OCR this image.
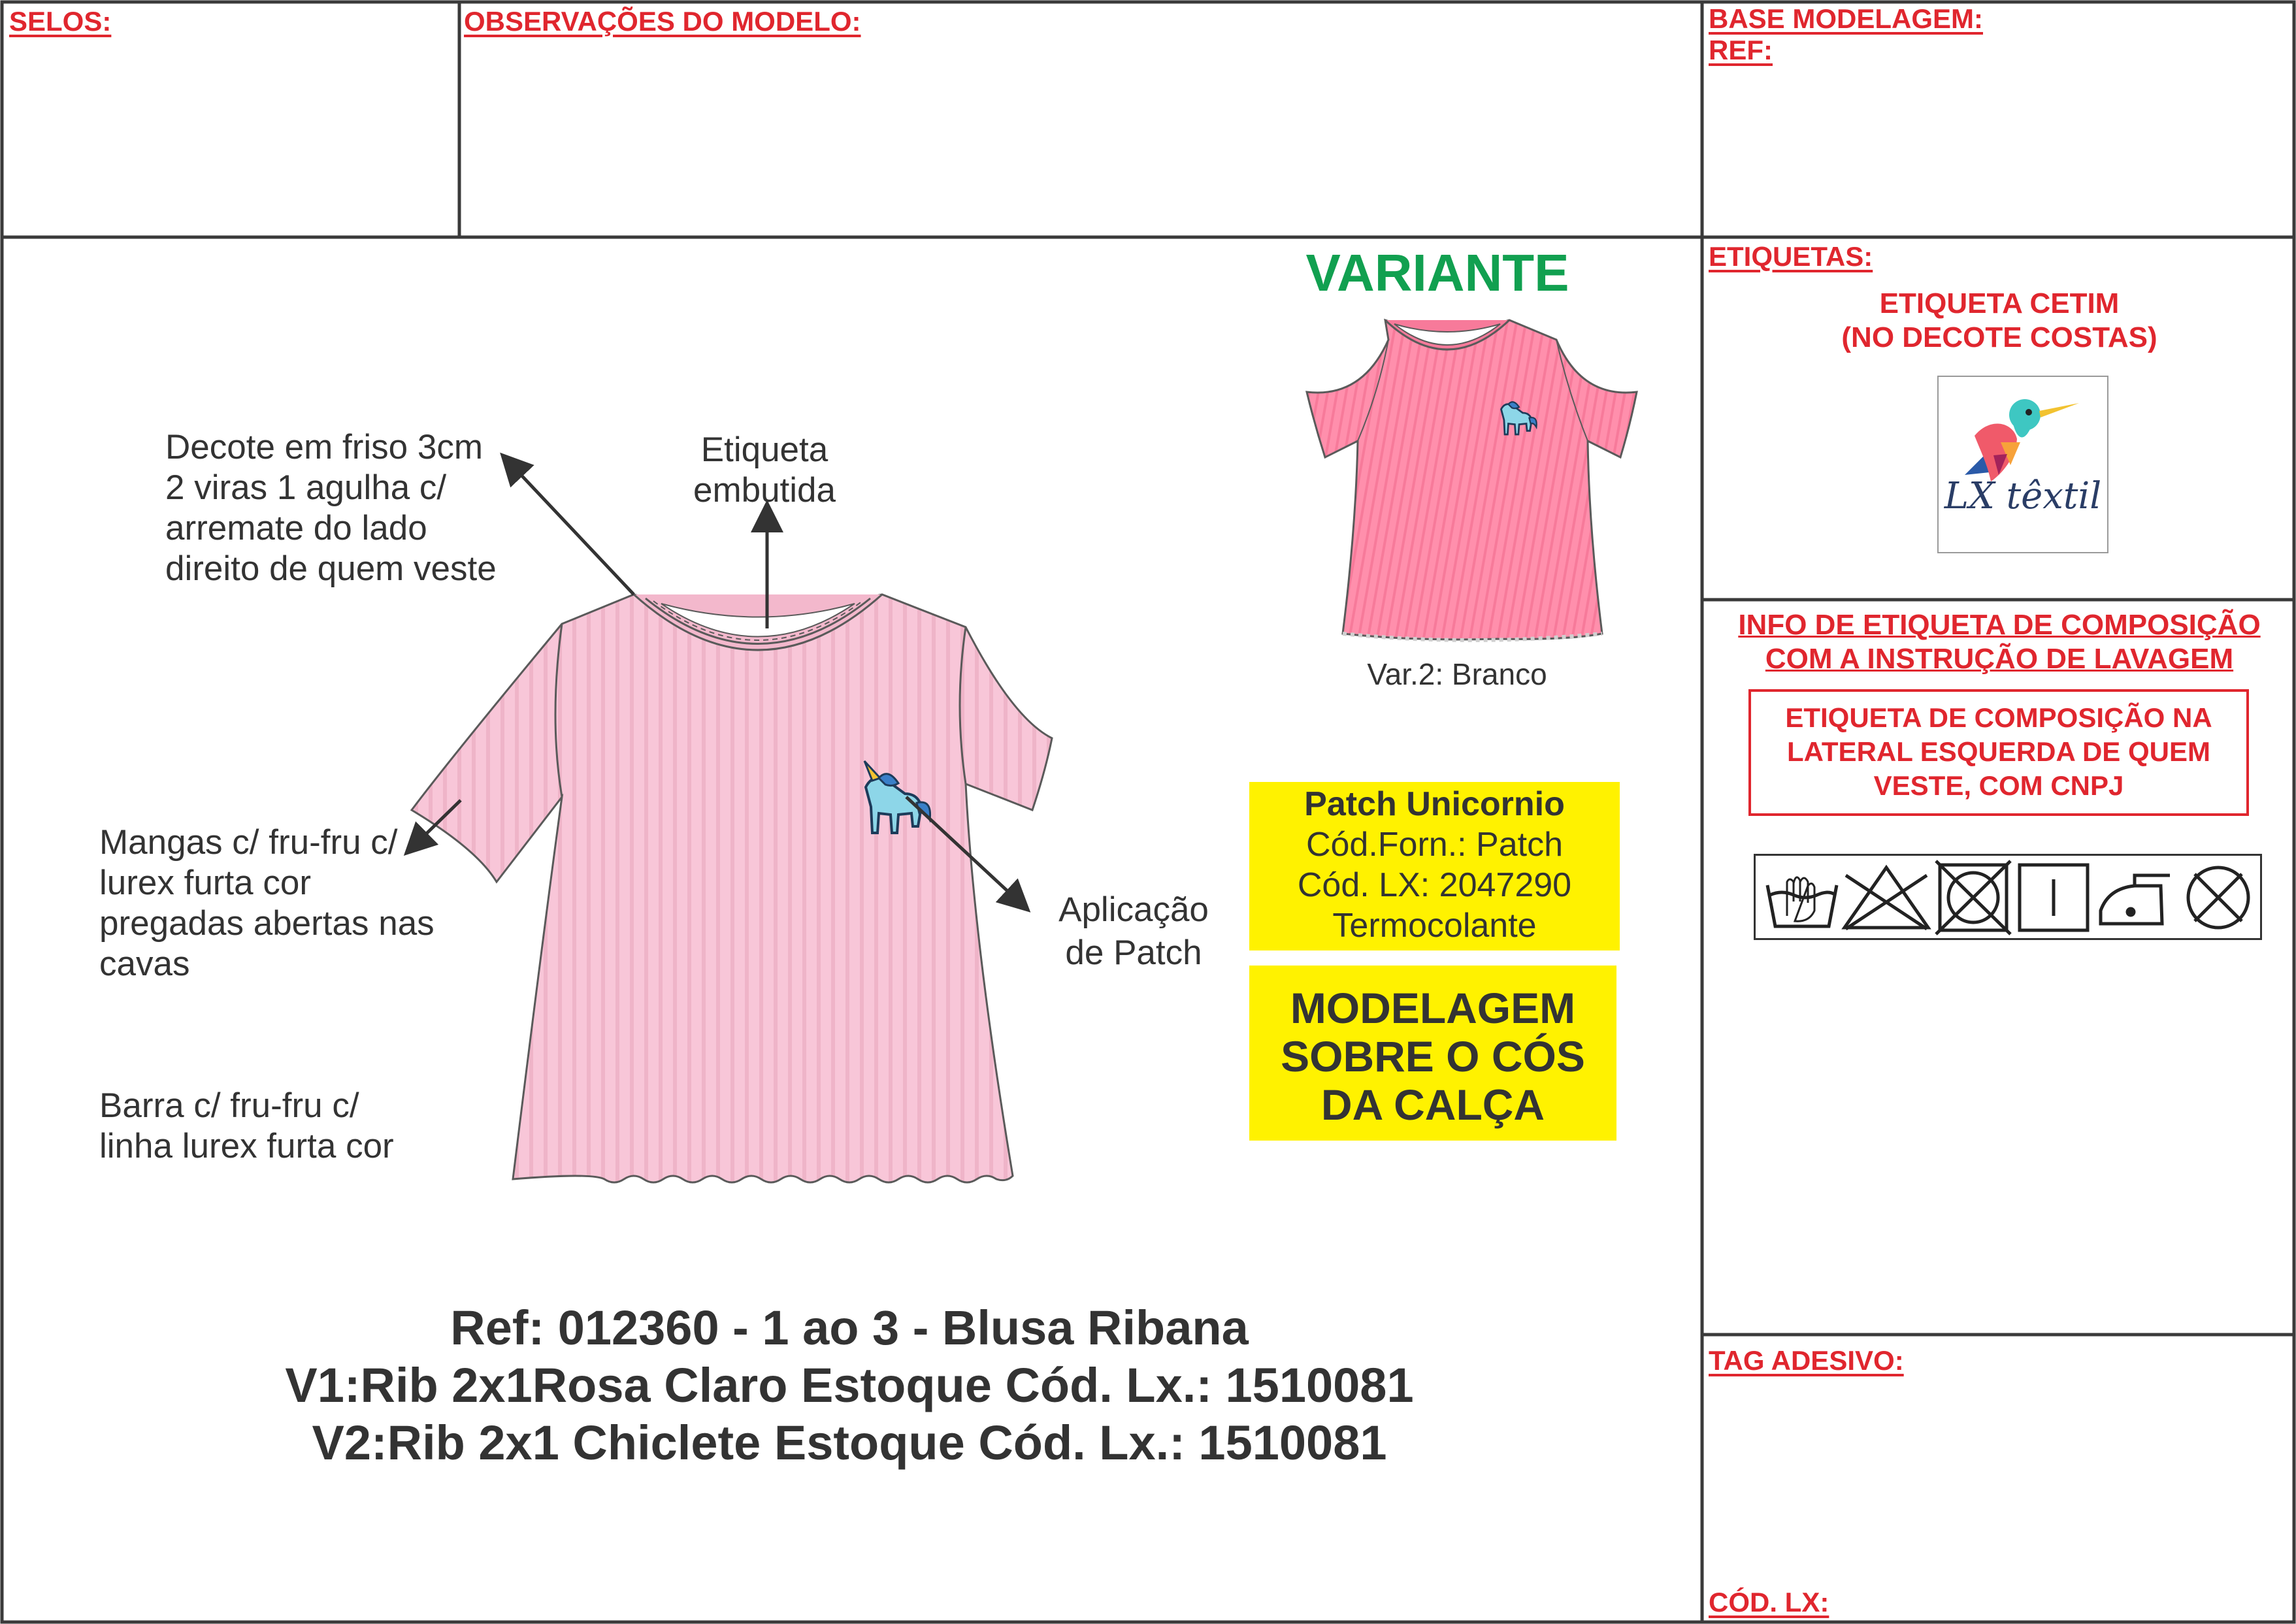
SELOS:	OBSERVAÇÕES DO MODELO:	BASE MODELAGEM:
REF:
ETIQUETAS:
ETIQUETA CETIM
(NO DECOTE COSTAS)
LX têxtil
INFO DE ETIQUETA DE COMPOSIÇÃO
COM A INSTRUÇÃO DE LAVAGEM
ETIQUETA DE COMPOSIÇÃO NA
LATERAL ESQUERDA DE QUEM
VESTE, COM CNPJ
TAG ADESIVO:
CÓD. LX:
Decote em friso 3cm
2 viras 1 agulha c/
arremate do lado
direito de quem veste
Etiqueta
embutida
Mangas c/ fru-fru c/
lurex furta cor
pregadas abertas nas
cavas
Barra c/ fru-fru c/
linha lurex furta cor
Aplicação
de Patch
VARIANTE
Var.2: Branco
Patch Unicornio
Cód.Forn.: Patch
Cód. LX: 2047290
Termocolante
MODELAGEM
SOBRE O CÓS
DA CALÇA
Ref: 012360 - 1 ao 3 - Blusa Ribana
V1:Rib 2x1Rosa Claro Estoque Cód. Lx.: 1510081
V2:Rib 2x1 Chiclete Estoque Cód. Lx.: 1510081
